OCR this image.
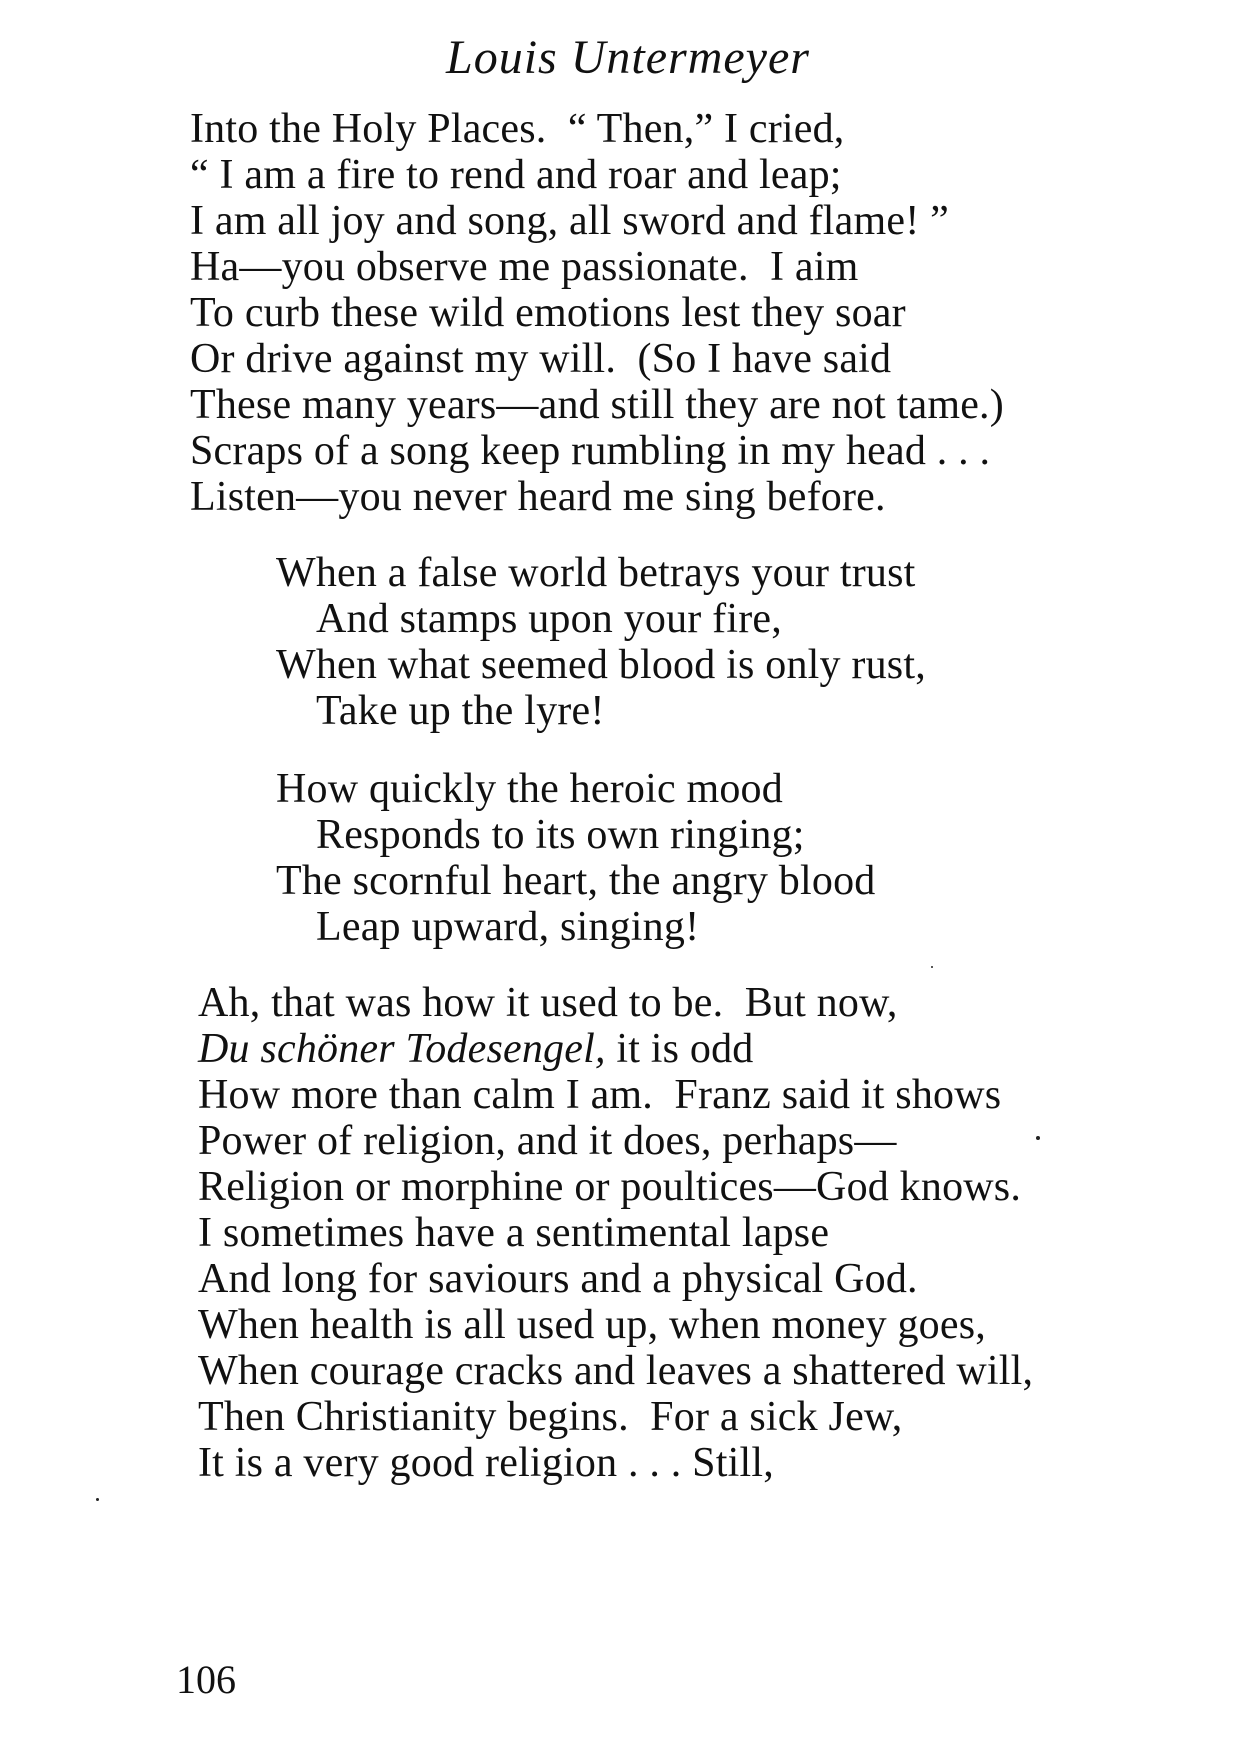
Louis Untermeyer
Into the Holy Places.  “ Then,” I cried,
“ I am a fire to rend and roar and leap;
I am all joy and song, all sword and flame! ”
Ha—you observe me passionate.  I aim
To curb these wild emotions lest they soar
Or drive against my will.  (So I have said
These many years—and still they are not tame.)
Scraps of a song keep rumbling in my head . . .
Listen—you never heard me sing before.
When a false world betrays your trust
And stamps upon your fire,
When what seemed blood is only rust,
Take up the lyre!
How quickly the heroic mood
Responds to its own ringing;
The scornful heart, the angry blood
Leap upward, singing!
Ah, that was how it used to be.  But now,
Du schöner Todesengel, it is odd
How more than calm I am.  Franz said it shows
Power of religion, and it does, perhaps—
Religion or morphine or poultices—God knows.
I sometimes have a sentimental lapse
And long for saviours and a physical God.
When health is all used up, when money goes,
When courage cracks and leaves a shattered will,
Then Christianity begins.  For a sick Jew,
It is a very good religion . . . Still,
106
